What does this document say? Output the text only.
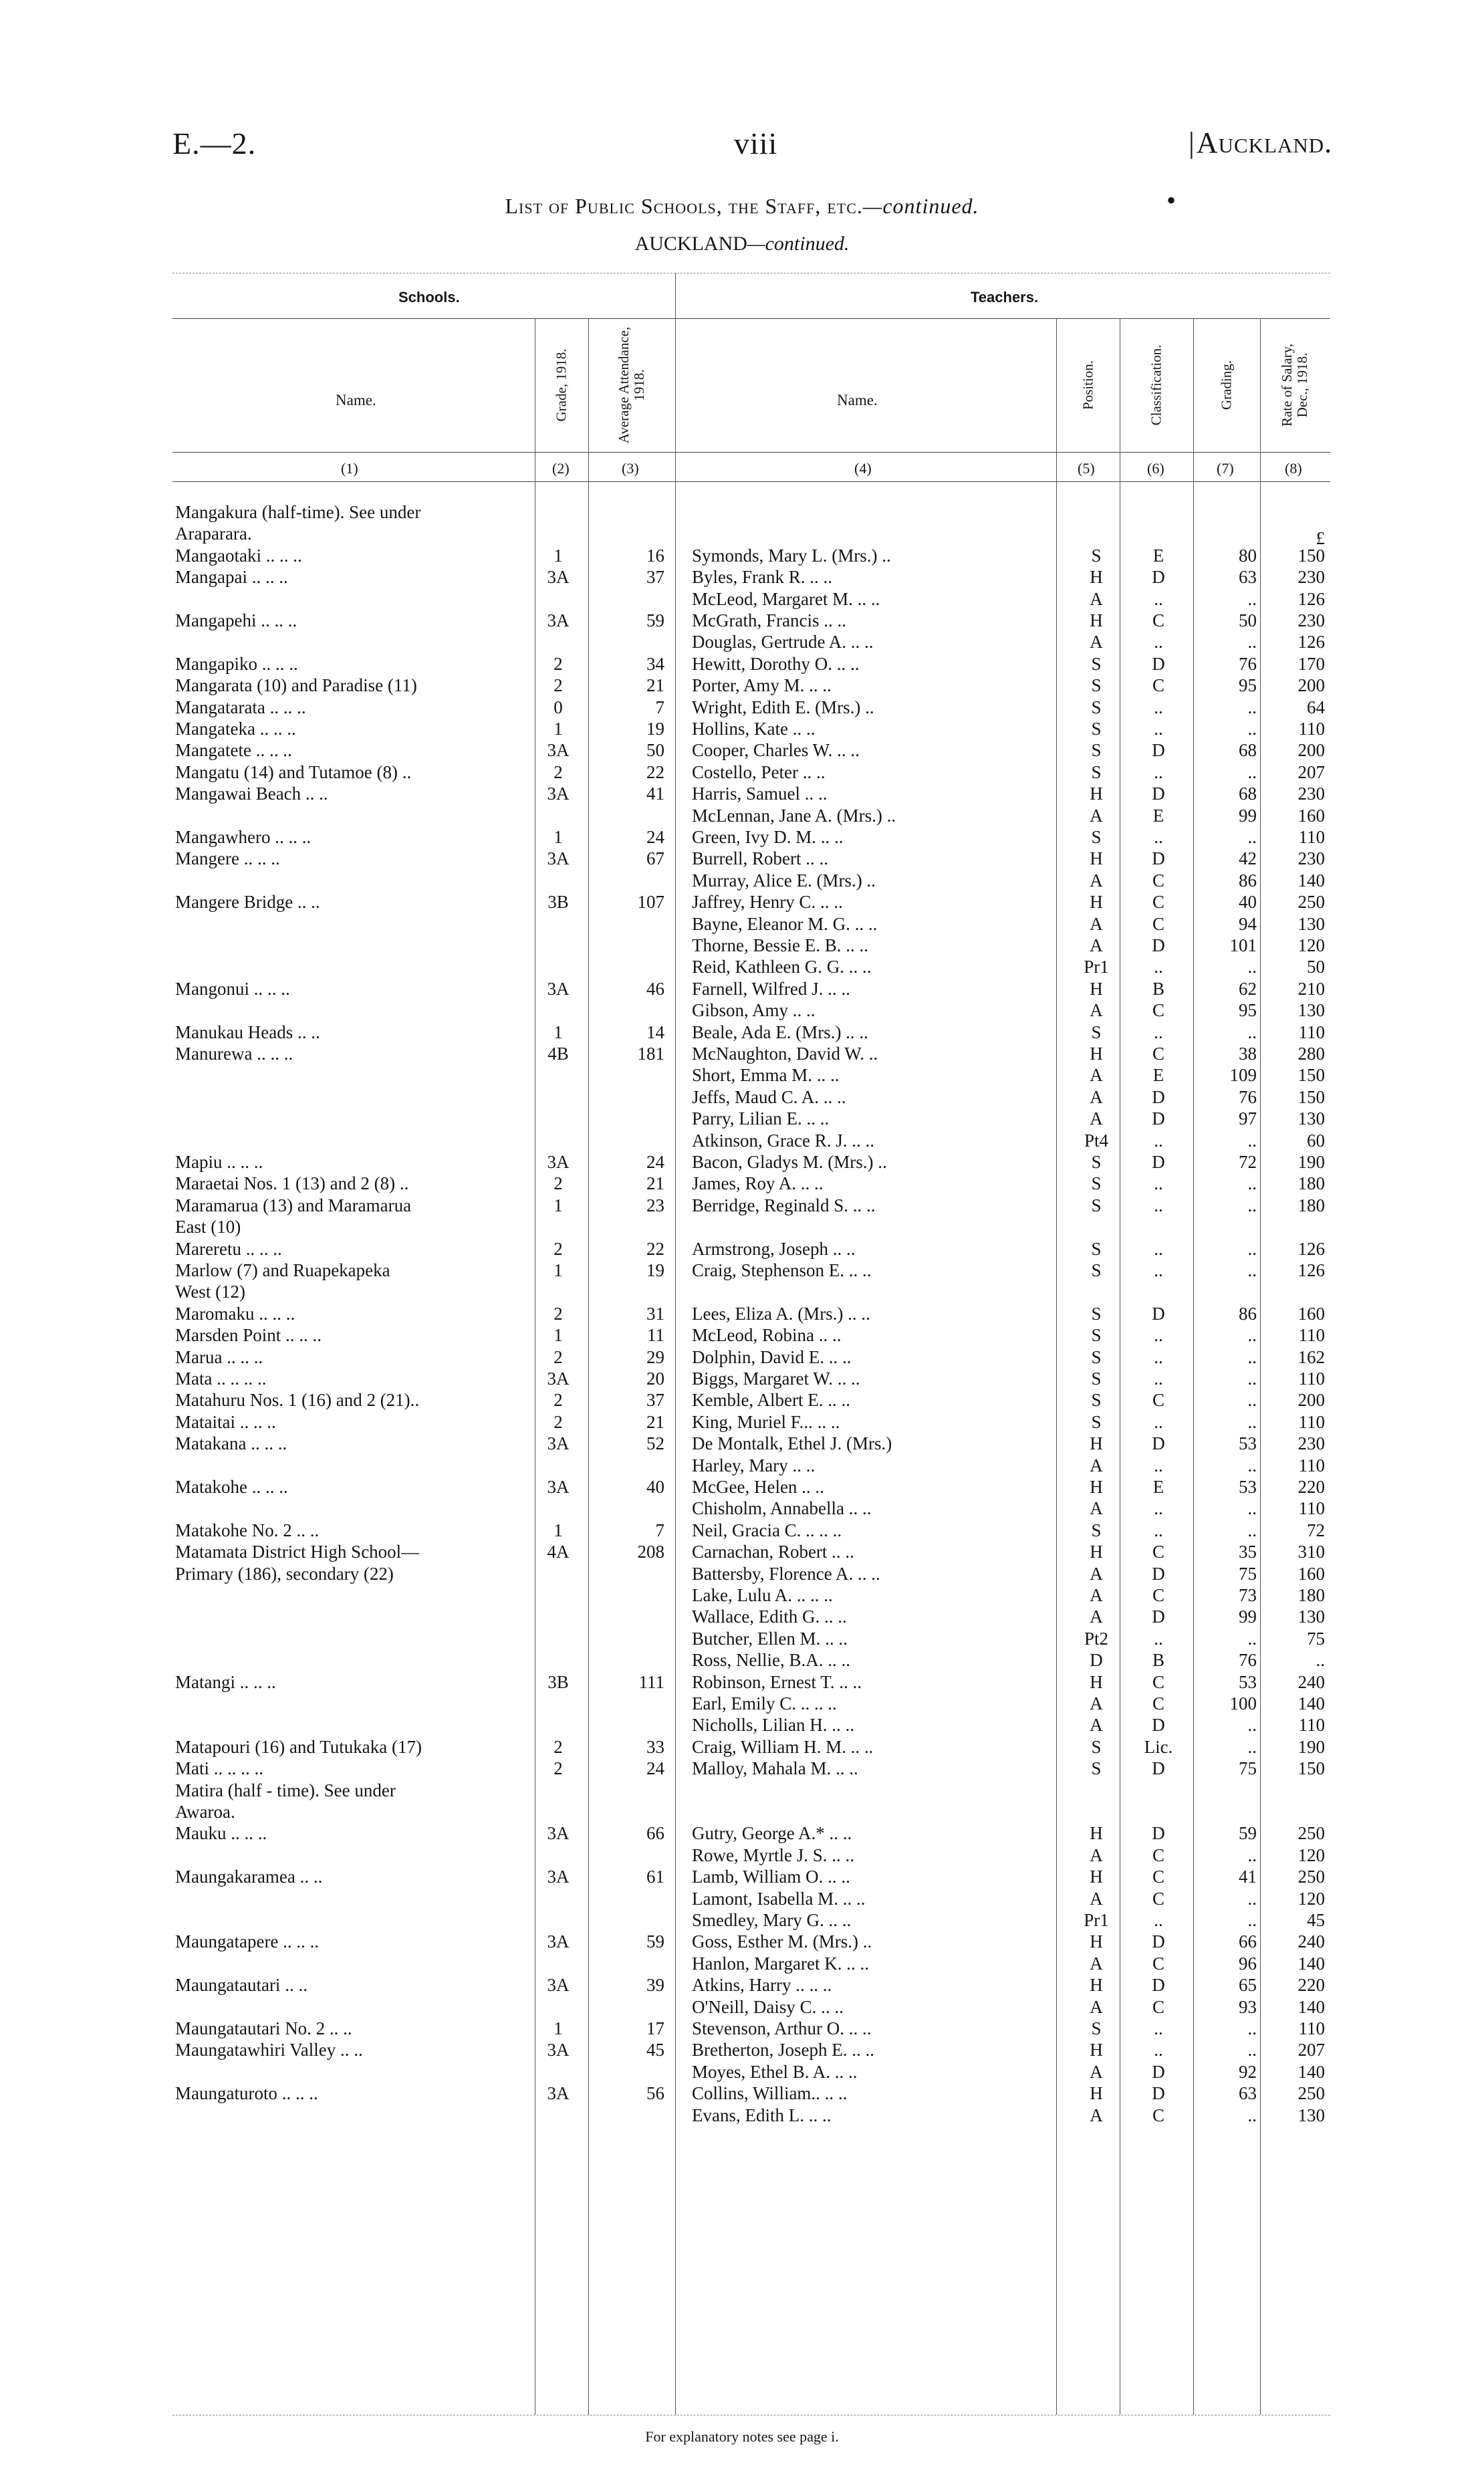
E.—2.	viii
|	Auckland.
•
List of Public Schools, the Staff, etc.—continued.
AUCKLAND—continued.
Schools.	Teachers.
Name.	Grade, 1918.	Average Attendance, 1918.	Name.	Position.	Classification.	Grading.	Rate of Salary, Dec., 1918.
(1)	(2)	(3)	(4)	(5)	(6)	(7)	(8)
£
Mangakura (half-time). See under
Araparara.
Mangaotaki .. .. ..	1	16 Symonds, Mary L. (Mrs.) ..	S	E	80	150
Mangapai .. .. ..	3A	37 Byles, Frank R. .. ..	H	D	63	230
McLeod, Margaret M. .. ..	A	..	..	126
Mangapehi .. .. ..	3A	59 McGrath, Francis .. ..	H	C	50	230
Douglas, Gertrude A. .. ..	A	..	..	126
Mangapiko .. .. ..	2	34 Hewitt, Dorothy O. .. ..	S	D	76	170
Mangarata (10) and Paradise (11)	2	21 Porter, Amy M. .. ..	S	C	95	200
Mangatarata .. .. ..	0	7 Wright, Edith E. (Mrs.) ..	S	..	..	64
Mangateka .. .. ..	1	19 Hollins, Kate .. ..	S	..	..	110
Mangatete .. .. ..	3A	50 Cooper, Charles W. .. ..	S	D	68	200
Mangatu (14) and Tutamoe (8) ..	2	22 Costello, Peter .. ..	S	..	..	207
Mangawai Beach .. ..	3A	41 Harris, Samuel .. ..	H	D	68	230
McLennan, Jane A. (Mrs.) ..	A	E	99	160
Mangawhero .. .. ..	1	24 Green, Ivy D. M. .. ..	S	..	..	110
Mangere .. .. ..	3A	67 Burrell, Robert .. ..	H	D	42	230
Murray, Alice E. (Mrs.) ..	A	C	86	140
Mangere Bridge .. ..	3B	107 Jaffrey, Henry C. .. ..	H	C	40	250
Bayne, Eleanor M. G. .. ..	A	C	94	130
Thorne, Bessie E. B. .. ..	A	D	101	120
Reid, Kathleen G. G. .. ..	Pr1	..	..	50
Mangonui .. .. ..	3A	46 Farnell, Wilfred J. .. ..	H	B	62	210
Gibson, Amy .. ..	A	C	95	130
Manukau Heads .. ..	1	14 Beale, Ada E. (Mrs.) .. ..	S	..	..	110
Manurewa .. .. ..	4B	181 McNaughton, David W. ..	H	C	38	280
Short, Emma M. .. ..	A	E	109	150
Jeffs, Maud C. A. .. ..	A	D	76	150
Parry, Lilian E. .. ..	A	D	97	130
Atkinson, Grace R. J. .. ..	Pt4	..	..	60
Mapiu .. .. ..	3A	24 Bacon, Gladys M. (Mrs.) ..	S	D	72	190
Maraetai Nos. 1 (13) and 2 (8) ..	2	21 James, Roy A. .. ..	S	..	..	180
Maramarua (13) and Maramarua	1	23 Berridge, Reginald S. .. ..	S	..	..	180
East (10)
Mareretu .. .. ..	2	22 Armstrong, Joseph .. ..	S	..	..	126
Marlow (7) and Ruapekapeka	1	19 Craig, Stephenson E. .. ..	S	..	..	126
West (12)
Maromaku .. .. ..	2	31 Lees, Eliza A. (Mrs.) .. ..	S	D	86	160
Marsden Point .. .. ..	1	11 McLeod, Robina .. ..	S	..	..	110
Marua .. .. ..	2	29 Dolphin, David E. .. ..	S	..	..	162
Mata .. .. .. ..	3A	20 Biggs, Margaret W. .. ..	S	..	..	110
Matahuru Nos. 1 (16) and 2 (21)..	2	37 Kemble, Albert E. .. ..	S	C	..	200
Mataitai .. .. ..	2	21 King, Muriel F... .. ..	S	..	..	110
Matakana .. .. ..	3A	52 De Montalk, Ethel J. (Mrs.)	H	D	53	230
Harley, Mary .. ..	A	..	..	110
Matakohe .. .. ..	3A	40 McGee, Helen .. ..	H	E	53	220
Chisholm, Annabella .. ..	A	..	..	110
Matakohe No. 2 .. ..	1	7 Neil, Gracia C. .. .. ..	S	..	..	72
Matamata District High School—	4A	208 Carnachan, Robert .. ..	H	C	35	310
Primary (186), secondary (22)	Battersby, Florence A. .. ..	A	D	75	160
Lake, Lulu A. .. .. ..	A	C	73	180
Wallace, Edith G. .. ..	A	D	99	130
Butcher, Ellen M. .. ..	Pt2	..	..	75
Ross, Nellie, B.A. .. ..	D	B	76	..
Matangi .. .. ..	3B	111 Robinson, Ernest T. .. ..	H	C	53	240
Earl, Emily C. .. .. ..	A	C	100	140
Nicholls, Lilian H. .. ..	A	D	..	110
Matapouri (16) and Tutukaka (17)	2	33 Craig, William H. M. .. ..	S	Lic.	..	190
Mati .. .. .. ..	2	24 Malloy, Mahala M. .. ..	S	D	75	150
Matira (half - time). See under
Awaroa.
Mauku .. .. ..	3A	66 Gutry, George A.* .. ..	H	D	59	250
Rowe, Myrtle J. S. .. ..	A	C	..	120
Maungakaramea .. ..	3A	61 Lamb, William O. .. ..	H	C	41	250
Lamont, Isabella M. .. ..	A	C	..	120
Smedley, Mary G. .. ..	Pr1	..	..	45
Maungatapere .. .. ..	3A	59 Goss, Esther M. (Mrs.) ..	H	D	66	240
Hanlon, Margaret K. .. ..	A	C	96	140
Maungatautari .. ..	3A	39 Atkins, Harry .. .. ..	H	D	65	220
O'Neill, Daisy C. .. ..	A	C	93	140
Maungatautari No. 2 .. ..	1	17 Stevenson, Arthur O. .. ..	S	..	..	110
Maungatawhiri Valley .. ..	3A	45 Bretherton, Joseph E. .. ..	H	..	..	207
Moyes, Ethel B. A. .. ..	A	D	92	140
Maungaturoto .. .. ..	3A	56 Collins, William.. .. ..	H	D	63	250
Evans, Edith L. .. ..	A	C	..	130
For explanatory notes see page i.
